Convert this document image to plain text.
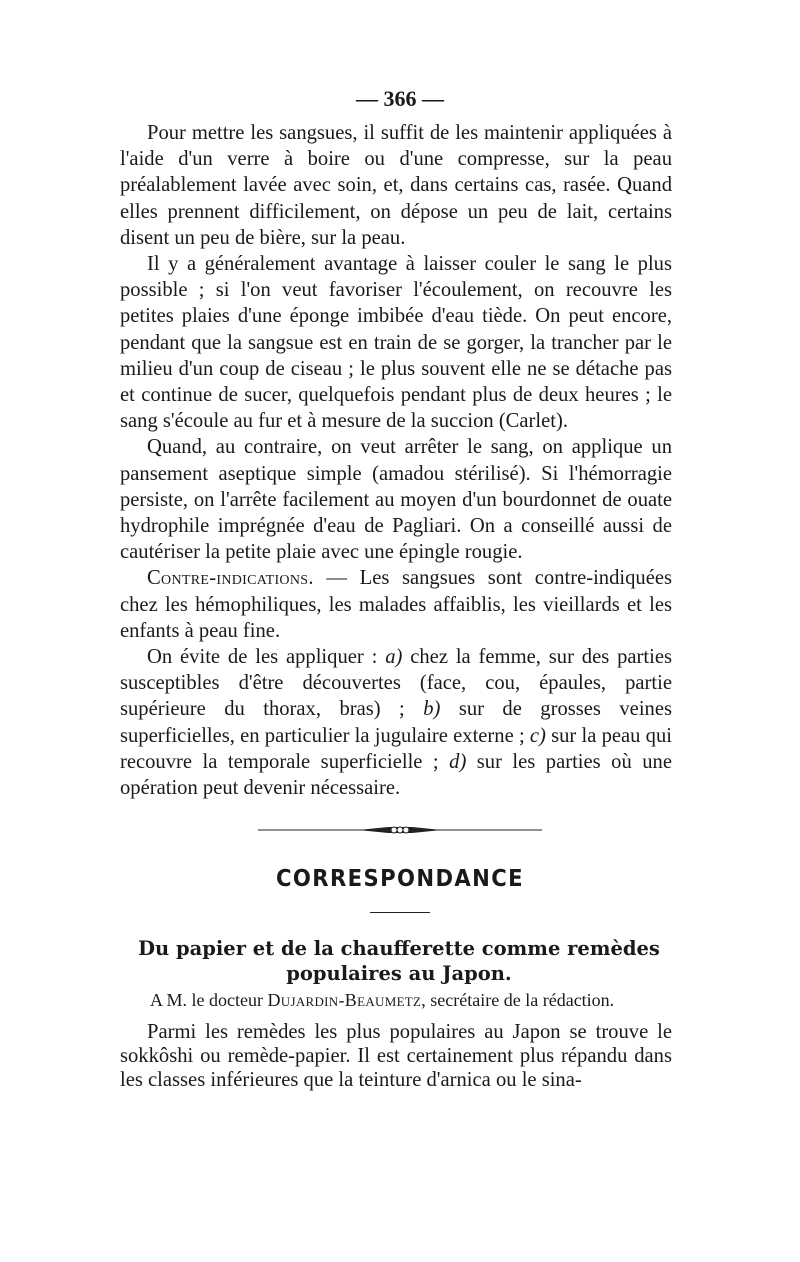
— 366 —

Pour mettre les sangsues, il suffit de les maintenir appliquées à l'aide d'un verre à boire ou d'une compresse, sur la peau préalablement lavée avec soin, et, dans certains cas, rasée. Quand elles prennent difficilement, on dépose un peu de lait, certains disent un peu de bière, sur la peau.

Il y a généralement avantage à laisser couler le sang le plus possible ; si l'on veut favoriser l'écoulement, on recouvre les petites plaies d'une éponge imbibée d'eau tiède. On peut encore, pendant que la sangsue est en train de se gorger, la trancher par le milieu d'un coup de ciseau ; le plus souvent elle ne se détache pas et continue de sucer, quelquefois pendant plus de deux heures ; le sang s'écoule au fur et à mesure de la succion (Carlet).

Quand, au contraire, on veut arrêter le sang, on applique un pansement aseptique simple (amadou stérilisé). Si l'hémorragie persiste, on l'arrête facilement au moyen d'un bourdonnet de ouate hydrophile imprégnée d'eau de Pagliari. On a conseillé aussi de cautériser la petite plaie avec une épingle rougie.

Contre-indications. — Les sangsues sont contre-indiquées chez les hémophiliques, les malades affaiblis, les vieillards et les enfants à peau fine.

On évite de les appliquer : a) chez la femme, sur des parties susceptibles d'être découvertes (face, cou, épaules, partie supérieure du thorax, bras) ; b) sur de grosses veines superficielles, en particulier la jugulaire externe ; c) sur la peau qui recouvre la temporale superficielle ; d) sur les parties où une opération peut devenir nécessaire.

CORRESPONDANCE
Du papier et de la chaufferette comme remèdes populaires au Japon.
A M. le docteur Dujardin-Beaumetz, secrétaire de la rédaction.

Parmi les remèdes les plus populaires au Japon se trouve le sokkôshi ou remède-papier. Il est certainement plus répandu dans les classes inférieures que la teinture d'arnica ou le sina-
